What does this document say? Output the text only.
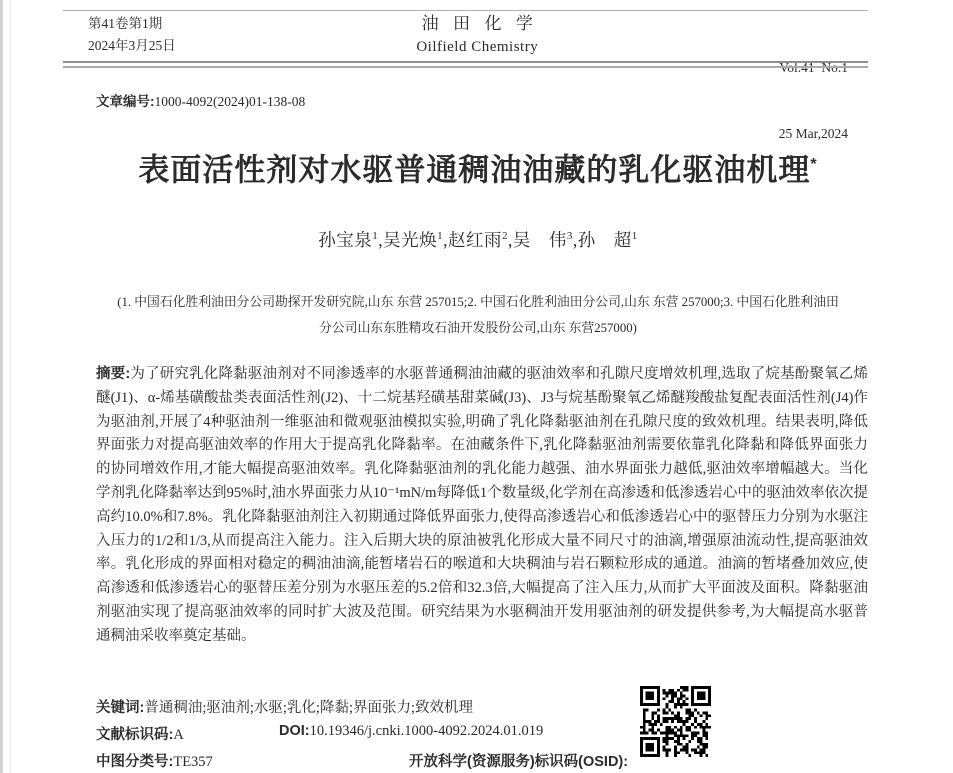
第41卷第1期
2024年3月25日
油田化学
Oilfield Chemistry

Vol.41  No.1

25 Mar,2024

文章编号:1000-4092(2024)01-138-08
表面活性剂对水驱普通稠油油藏的乳化驱油机理*
孙宝泉$^1$,吴光焕$^1$,赵红雨$^2$,吴　伟$^3$,孙　超$^1$
(1. 中国石化胜利油田分公司勘探开发研究院,山东 东营 257015;2. 中国石化胜利油田分公司,山东 东营 257000;3. 中国石化胜利油田
分公司山东东胜精攻石油开发股份公司,山东 东营257000)
摘要:为了研究乳化降黏驱油剂对不同渗透率的水驱普通稠油油藏的驱油效率和孔隙尺度增效机理,选取了烷基酚聚氧乙烯醚(J1)、α-烯基磺酸盐类表面活性剂(J2)、十二烷基羟磺基甜菜碱(J3)、J3与烷基酚聚氧乙烯醚羧酸盐复配表面活性剂(J4)作为驱油剂,开展了4种驱油剂一维驱油和微观驱油模拟实验,明确了乳化降黏驱油剂在孔隙尺度的致效机理。结果表明,降低界面张力对提高驱油效率的作用大于提高乳化降黏率。在油藏条件下,乳化降黏驱油剂需要依靠乳化降黏和降低界面张力的协同增效作用,才能大幅提高驱油效率。乳化降黏驱油剂的乳化能力越强、油水界面张力越低,驱油效率增幅越大。当化学剂乳化降黏率达到95%时,油水界面张力从10⁻¹mN/m每降低1个数量级,化学剂在高渗透和低渗透岩心中的驱油效率依次提高约10.0%和7.8%。乳化降黏驱油剂注入初期通过降低界面张力,使得高渗透岩心和低渗透岩心中的驱替压力分别为水驱注入压力的1/2和1/3,从而提高注入能力。注入后期大块的原油被乳化形成大量不同尺寸的油滴,增强原油流动性,提高驱油效率。乳化形成的界面相对稳定的稠油油滴,能暂堵岩石的喉道和大块稠油与岩石颗粒形成的通道。油滴的暂堵叠加效应,使高渗透和低渗透岩心的驱替压差分别为水驱压差的5.2倍和32.3倍,大幅提高了注入压力,从而扩大平面波及面积。降黏驱油剂驱油实现了提高驱油效率的同时扩大波及范围。研究结果为水驱稠油开发用驱油剂的研发提供参考,为大幅提高水驱普通稠油采收率奠定基础。
关键词:普通稠油;驱油剂;水驱;乳化;降黏;界面张力;致效机理
文献标识码:A	DOI:10.19346/j.cnki.1000-4092.2024.01.019
中图分类号:TE357	开放科学(资源服务)标识码(OSID):
